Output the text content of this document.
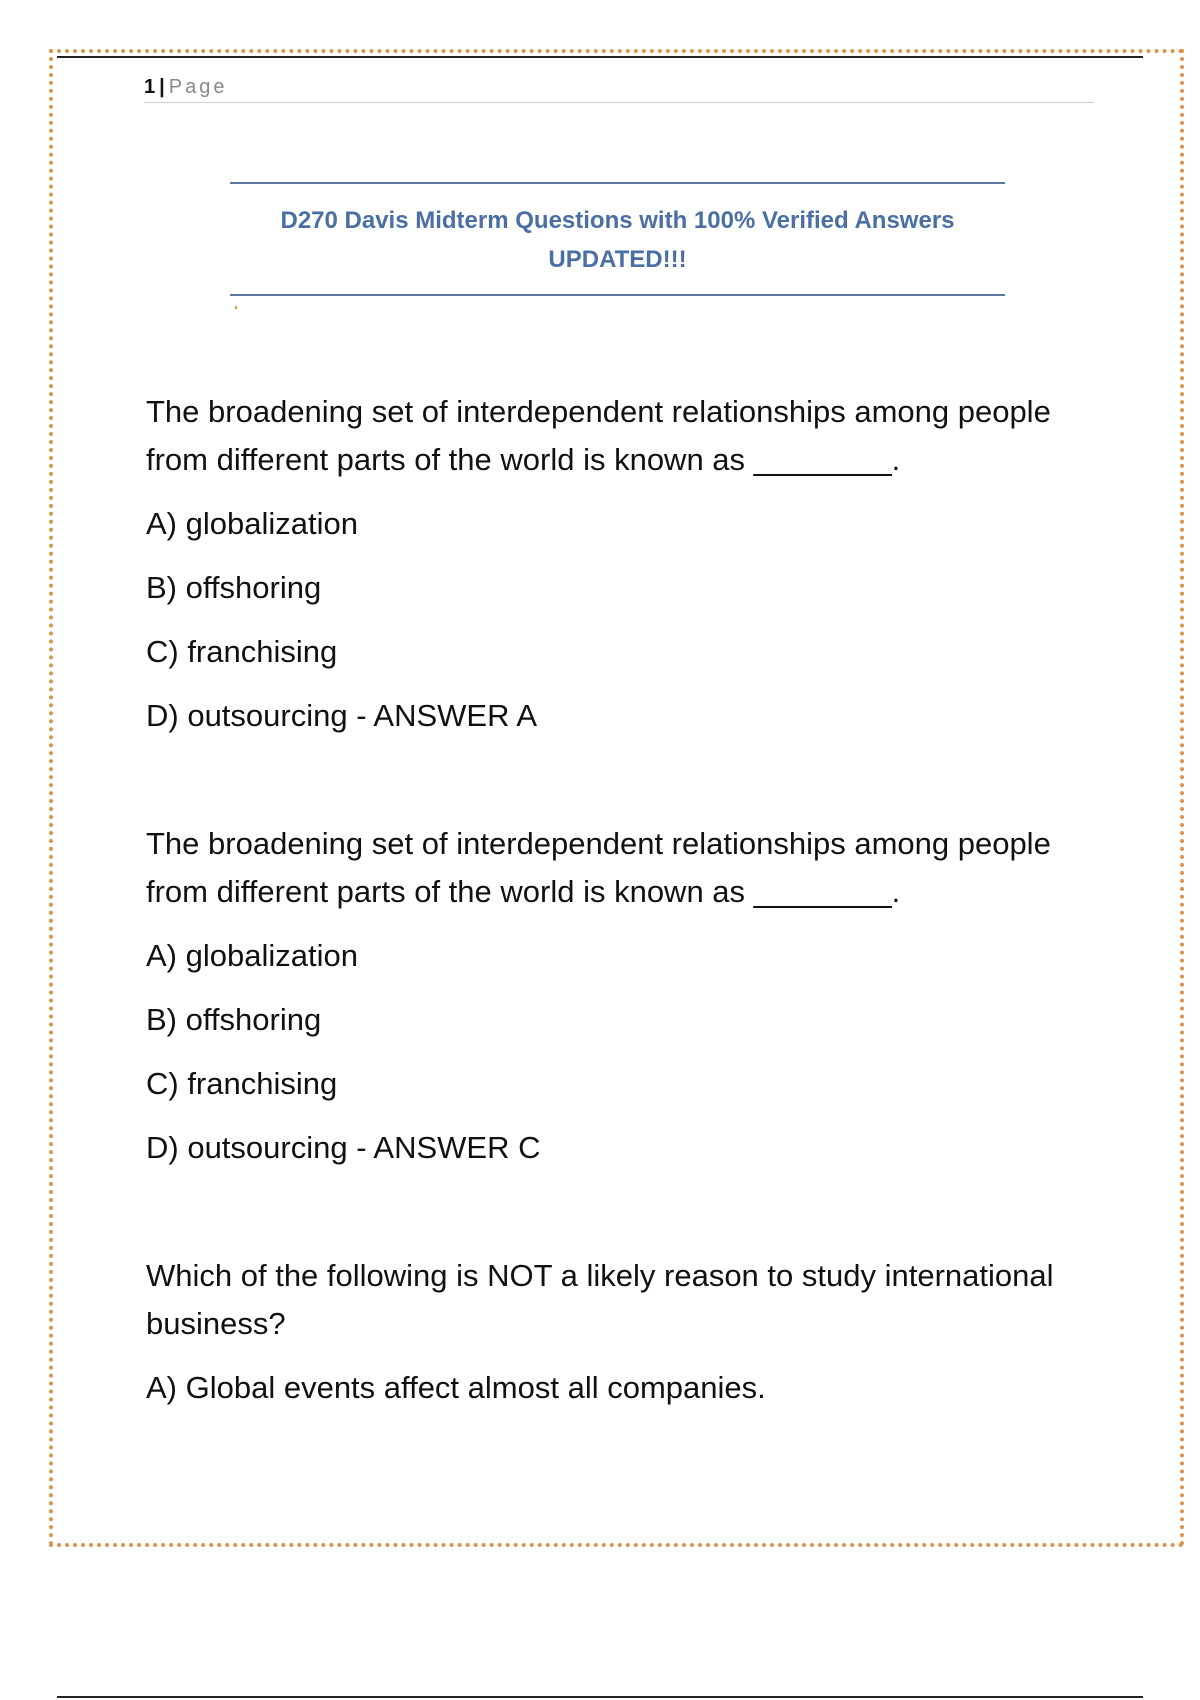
1 | Page
D270 Davis Midterm Questions with 100% Verified Answers
UPDATED!!!

The broadening set of interdependent relationships among people from different parts of the world is known as ________.

A) globalization
B) offshoring
C) franchising
D) outsourcing - ANSWER A

The broadening set of interdependent relationships among people from different parts of the world is known as ________.

A) globalization
B) offshoring
C) franchising
D) outsourcing - ANSWER C

Which of the following is NOT a likely reason to study international business?

A) Global events affect almost all companies.
